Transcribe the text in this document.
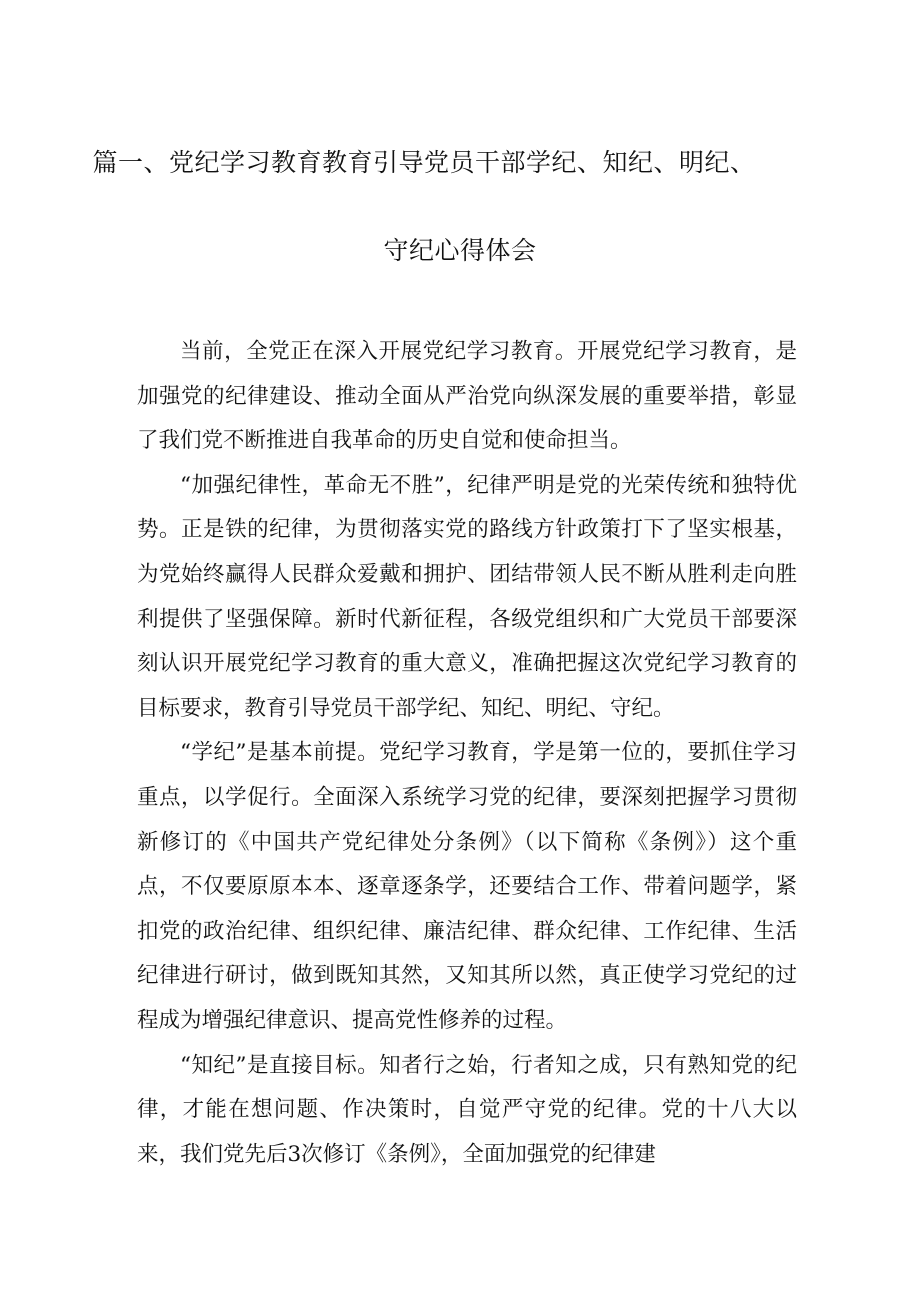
篇一、党纪学习教育教育引导党员干部学纪、知纪、明纪、
守纪心得体会

当前，全党正在深入开展党纪学习教育。开展党纪学习教育，是加强党的纪律建设、推动全面从严治党向纵深发展的重要举措，彰显了我们党不断推进自我革命的历史自觉和使命担当。

“加强纪律性，革命无不胜”，纪律严明是党的光荣传统和独特优势。正是铁的纪律，为贯彻落实党的路线方针政策打下了坚实根基，为党始终赢得人民群众爱戴和拥护、团结带领人民不断从胜利走向胜利提供了坚强保障。新时代新征程，各级党组织和广大党员干部要深刻认识开展党纪学习教育的重大意义，准确把握这次党纪学习教育的目标要求，教育引导党员干部学纪、知纪、明纪、守纪。

“学纪”是基本前提。党纪学习教育，学是第一位的，要抓住学习重点，以学促行。全面深入系统学习党的纪律，要深刻把握学习贯彻新修订的《中国共产党纪律处分条例》（以下简称《条例》）这个重点，不仅要原原本本、逐章逐条学，还要结合工作、带着问题学，紧扣党的政治纪律、组织纪律、廉洁纪律、群众纪律、工作纪律、生活纪律进行研讨，做到既知其然，又知其所以然，真正使学习党纪的过程成为增强纪律意识、提高党性修养的过程。

“知纪”是直接目标。知者行之始，行者知之成，只有熟知党的纪律，才能在想问题、作决策时，自觉严守党的纪律。党的十八大以来，我们党先后3次修订《条例》，全面加强党的纪律建
